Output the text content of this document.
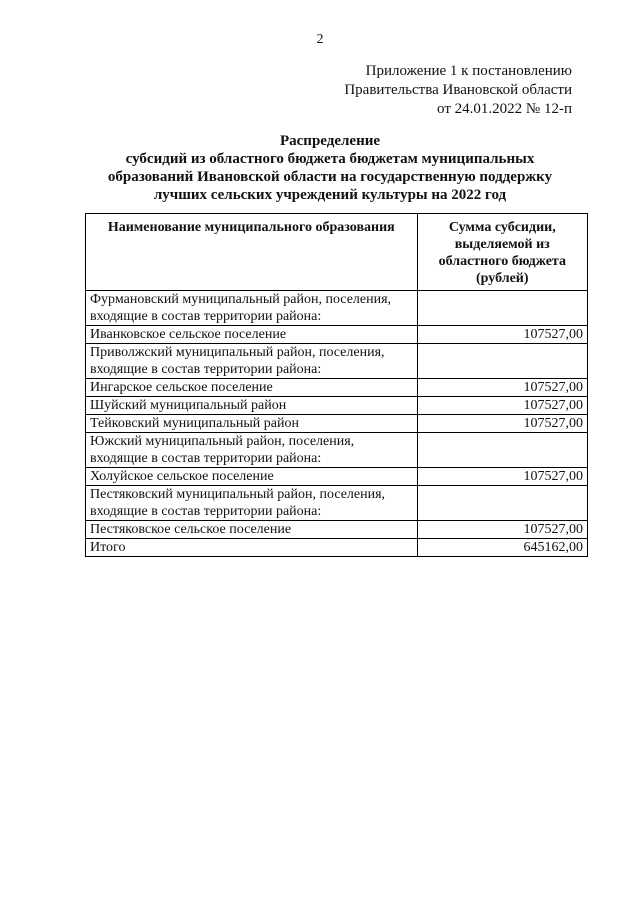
2
Приложение 1 к постановлению
Правительства Ивановской области
от 24.01.2022 № 12-п
Распределение
субсидий из областного бюджета бюджетам муниципальных
образований Ивановской области на государственную поддержку
лучших сельских учреждений культуры на 2022 год
Наименование муниципального образования	Сумма субсидии, выделяемой из областного бюджета (рублей)
Фурмановский муниципальный район, поселения, входящие в состав территории района:	
Иванковское сельское поселение	107527,00
Приволжский муниципальный район, поселения, входящие в состав территории района:	
Ингарское сельское поселение	107527,00
Шуйский муниципальный район	107527,00
Тейковский муниципальный район	107527,00
Южский муниципальный район, поселения, входящие в состав территории района:	
Холуйское сельское поселение	107527,00
Пестяковский муниципальный район, поселения, входящие в состав территории района:	
Пестяковское сельское поселение	107527,00
Итого	645162,00
